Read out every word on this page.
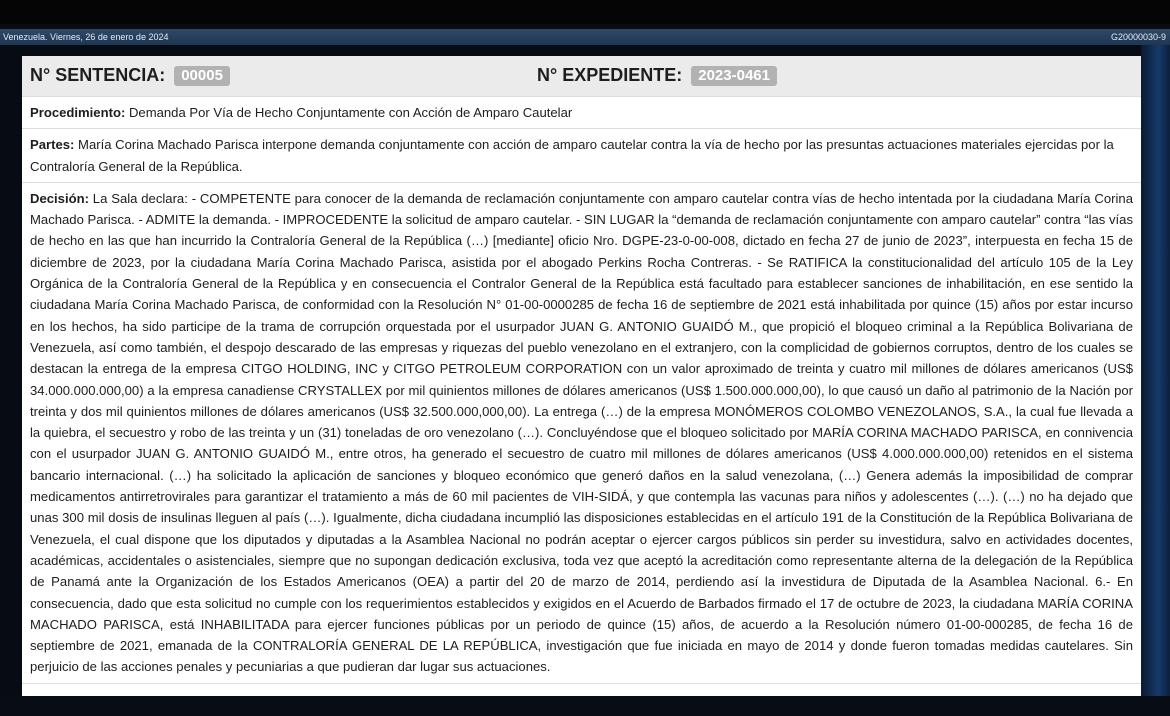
Venezuela. Viernes, 26 de enero de 2024	G20000030-9
N° SENTENCIA: 00005	N° EXPEDIENTE: 2023-0461
Procedimiento: Demanda Por Vía de Hecho Conjuntamente con Acción de Amparo Cautelar
Partes: María Corina Machado Parisca interpone demanda conjuntamente con acción de amparo cautelar contra la vía de hecho por las presuntas actuaciones materiales ejercidas por la Contraloría General de la República.
Decisión: La Sala declara: - COMPETENTE para conocer de la demanda de reclamación conjuntamente con amparo cautelar contra vías de hecho intentada por la ciudadana María Corina Machado Parisca. - ADMITE la demanda. - IMPROCEDENTE la solicitud de amparo cautelar. - SIN LUGAR la “demanda de reclamación conjuntamente con amparo cautelar” contra “las vías de hecho en las que han incurrido la Contraloría General de la República (…) [mediante] oficio Nro. DGPE-23-0-00-008, dictado en fecha 27 de junio de 2023”, interpuesta en fecha 15 de diciembre de 2023, por la ciudadana María Corina Machado Parisca, asistida por el abogado Perkins Rocha Contreras. - Se RATIFICA la constitucionalidad del artículo 105 de la Ley Orgánica de la Contraloría General de la República y en consecuencia el Contralor General de la República está facultado para establecer sanciones de inhabilitación, en ese sentido la ciudadana María Corina Machado Parisca, de conformidad con la Resolución N° 01-00-0000285 de fecha 16 de septiembre de 2021 está inhabilitada por quince (15) años por estar incurso en los hechos, ha sido participe de la trama de corrupción orquestada por el usurpador JUAN G. ANTONIO GUAIDÓ M., que propició el bloqueo criminal a la República Bolivariana de Venezuela, así como también, el despojo descarado de las empresas y riquezas del pueblo venezolano en el extranjero, con la complicidad de gobiernos corruptos, dentro de los cuales se destacan la entrega de la empresa CITGO HOLDING, INC y CITGO PETROLEUM CORPORATION con un valor aproximado de treinta y cuatro mil millones de dólares americanos (US$ 34.000.000.000,00) a la empresa canadiense CRYSTALLEX por mil quinientos millones de dólares americanos (US$ 1.500.000.000,00), lo que causó un daño al patrimonio de la Nación por treinta y dos mil quinientos millones de dólares americanos (US$ 32.500.000,000,00). La entrega (…) de la empresa MONÓMEROS COLOMBO VENEZOLANOS, S.A., la cual fue llevada a la quiebra, el secuestro y robo de las treinta y un (31) toneladas de oro venezolano (…). Concluyéndose que el bloqueo solicitado por MARÍA CORINA MACHADO PARISCA, en connivencia con el usurpador JUAN G. ANTONIO GUAIDÓ M., entre otros, ha generado el secuestro de cuatro mil millones de dólares americanos (US$ 4.000.000.000,00) retenidos en el sistema bancario internacional. (…) ha solicitado la aplicación de sanciones y bloqueo económico que generó daños en la salud venezolana, (…) Genera además la imposibilidad de comprar medicamentos antirretrovirales para garantizar el tratamiento a más de 60 mil pacientes de VIH-SIDÁ, y que contempla las vacunas para niños y adolescentes (…). (…) no ha dejado que unas 300 mil dosis de insulinas lleguen al país (…). Igualmente, dicha ciudadana incumplió las disposiciones establecidas en el artículo 191 de la Constitución de la República Bolivariana de Venezuela, el cual dispone que los diputados y diputadas a la Asamblea Nacional no podrán aceptar o ejercer cargos públicos sin perder su investidura, salvo en actividades docentes, académicas, accidentales o asistenciales, siempre que no supongan dedicación exclusiva, toda vez que aceptó la acreditación como representante alterna de la delegación de la República de Panamá ante la Organización de los Estados Americanos (OEA) a partir del 20 de marzo de 2014, perdiendo así la investidura de Diputada de la Asamblea Nacional. 6.- En consecuencia, dado que esta solicitud no cumple con los requerimientos establecidos y exigidos en el Acuerdo de Barbados firmado el 17 de octubre de 2023, la ciudadana MARÍA CORINA MACHADO PARISCA, está INHABILITADA para ejercer funciones públicas por un periodo de quince (15) años, de acuerdo a la Resolución número 01-00-000285, de fecha 16 de septiembre de 2021, emanada de la CONTRALORÍA GENERAL DE LA REPÚBLICA, investigación que fue iniciada en mayo de 2014 y donde fueron tomadas medidas cautelares. Sin perjuicio de las acciones penales y pecuniarias a que pudieran dar lugar sus actuaciones.
